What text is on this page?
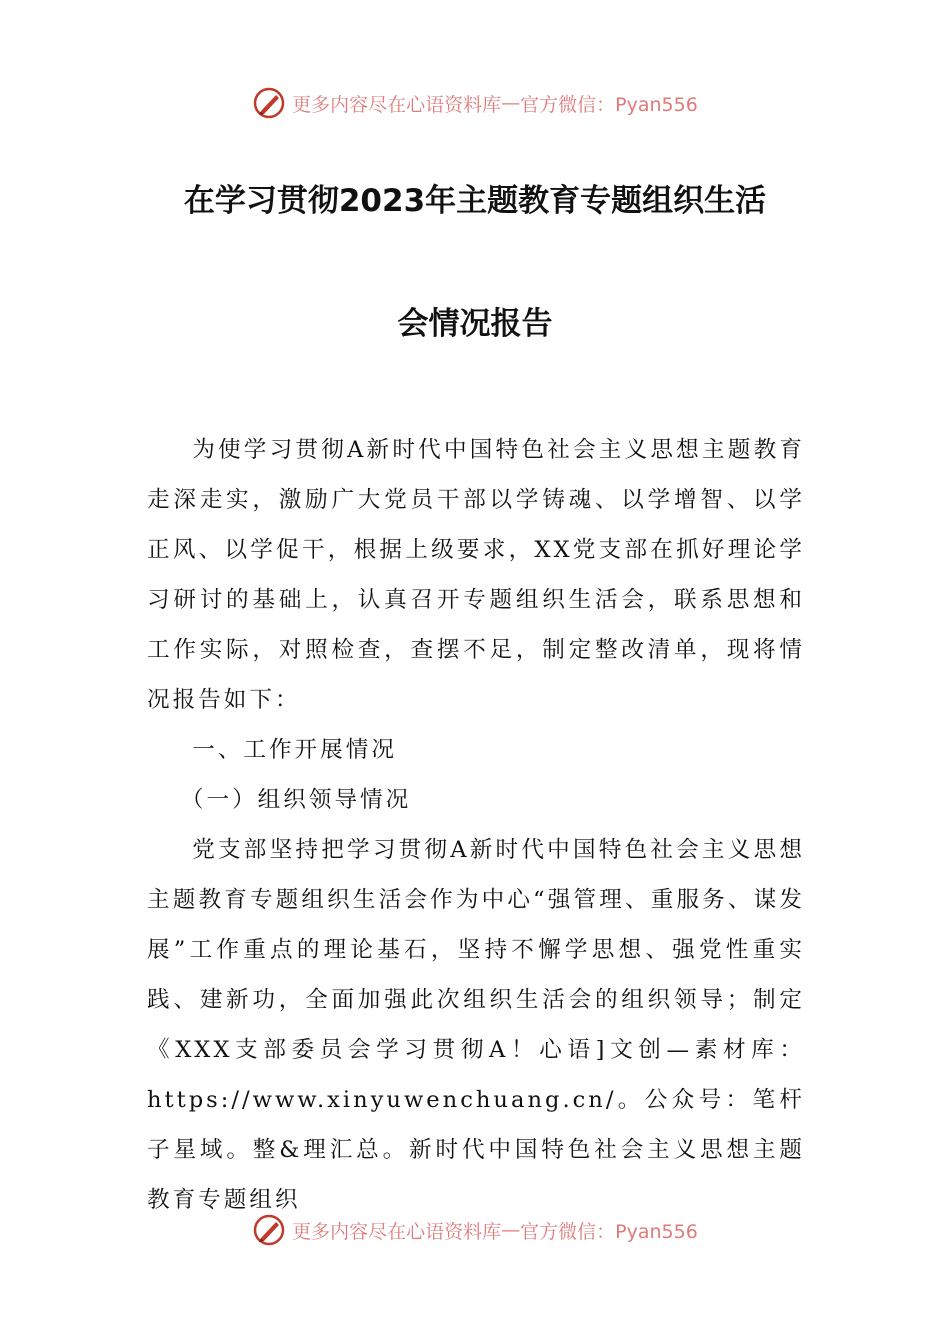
更多内容尽在心语资料库 — 官方微信：Pyan556
在学习贯彻2023年主题教育专题组织生活
会情况报告

为使学习贯彻A新时代中国特色社会主义思想主题教育走深走实，激励广大党员干部以学铸魂、以学增智、以学正风、以学促干，根据上级要求，XX党支部在抓好理论学习研讨的基础上，认真召开专题组织生活会，联系思想和工作实际，对照检查，查摆不足，制定整改清单，现将情况报告如下：

一、工作开展情况

（一）组织领导情况

党支部坚持把学习贯彻A新时代中国特色社会主义思想主题教育专题组织生活会作为中心“强管理、重服务、谋发展”工作重点的理论基石，坚持不懈学思想、强党性重实践、建新功，全面加强此次组织生活会的组织领导；制定《XXX支部委员会学习贯彻A！心语]文创—素材库：https://www.xinyuwenchuang.cn/。公众号：笔杆子星域。整&理汇总。新时代中国特色社会主义思想主题教育专题组织

更多内容尽在心语资料库 — 官方微信：Pyan556
